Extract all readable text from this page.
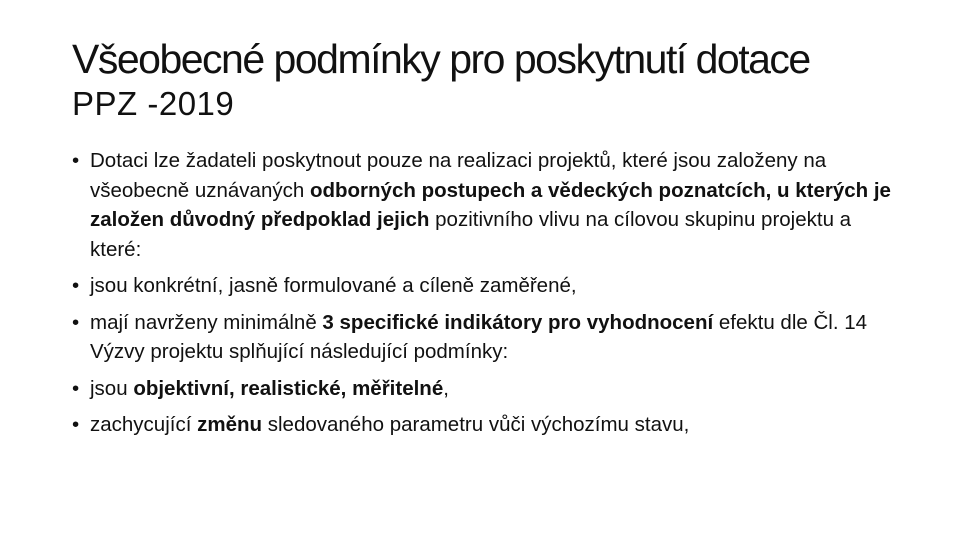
Všeobecné podmínky pro poskytnutí dotace
PPZ -2019
• Dotaci lze žadateli poskytnout pouze na realizaci projektů, které jsou založeny na všeobecně uznávaných odborných postupech a vědeckých poznatcích, u kterých je založen důvodný předpoklad jejich pozitivního vlivu na cílovou skupinu projektu a které:
• jsou konkrétní, jasně formulované a cíleně zaměřené,
• mají navrženy minimálně 3 specifické indikátory pro vyhodnocení efektu dle Čl. 14 Výzvy projektu splňující následující podmínky:
• jsou objektivní, realistické, měřitelné,
• zachycující změnu sledovaného parametru vůči výchozímu stavu,
